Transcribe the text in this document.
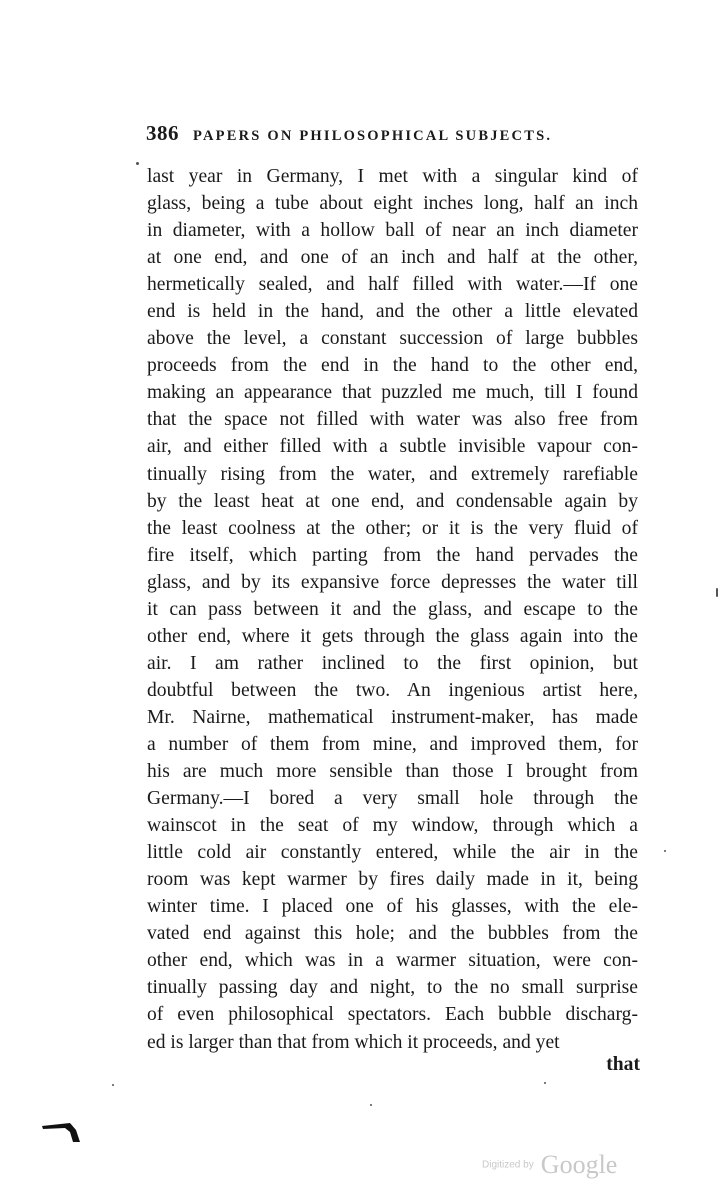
386 PAPERS ON PHILOSOPHICAL SUBJECTS.
last year in Germany, I met with a singular kind of
glass, being a tube about eight inches long, half an inch
in diameter, with a hollow ball of near an inch diameter
at one end, and one of an inch and half at the other,
hermetically sealed, and half filled with water.—If one
end is held in the hand, and the other a little elevated
above the level, a constant succession of large bubbles
proceeds from the end in the hand to the other end,
making an appearance that puzzled me much, till I found
that the space not filled with water was also free from
air, and either filled with a subtle invisible vapour con-
tinually rising from the water, and extremely rarefiable
by the least heat at one end, and condensable again by
the least coolness at the other; or it is the very fluid of
fire itself, which parting from the hand pervades the
glass, and by its expansive force depresses the water till
it can pass between it and the glass, and escape to the
other end, where it gets through the glass again into the
air. I am rather inclined to the first opinion, but
doubtful between the two. An ingenious artist here,
Mr. Nairne, mathematical instrument-maker, has made
a number of them from mine, and improved them, for
his are much more sensible than those I brought from
Germany.—I bored a very small hole through the
wainscot in the seat of my window, through which a
little cold air constantly entered, while the air in the
room was kept warmer by fires daily made in it, being
winter time. I placed one of his glasses, with the ele-
vated end against this hole; and the bubbles from the
other end, which was in a warmer situation, were con-
tinually passing day and night, to the no small surprise
of even philosophical spectators. Each bubble discharg-
ed is larger than that from which it proceeds, and yet
that
Digitized by Google
